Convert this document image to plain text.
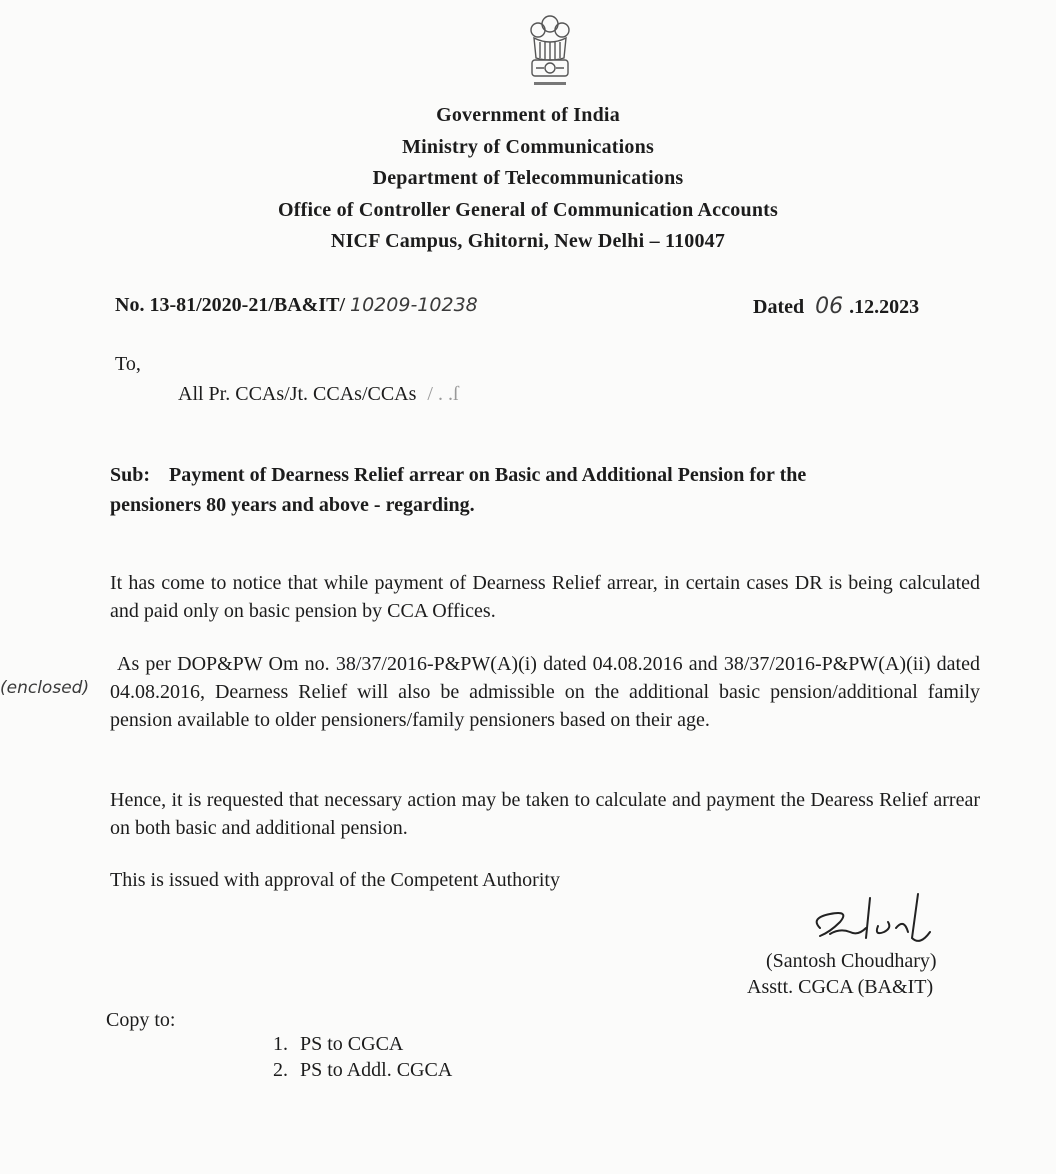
Government of India
Ministry of Communications
Department of Telecommunications
Office of Controller General of Communication Accounts
NICF Campus, Ghitorni, New Delhi – 110047
No. 13-81/2020-21/BA&IT/ 10209-10238	Dated 06 .12.2023
To,
All Pr. CCAs/Jt. CCAs/CCAs / . .ſ
Sub: Payment of Dearness Relief arrear on Basic and Additional Pension for the
pensioners 80 years and above - regarding.
It has come to notice that while payment of Dearness Relief arrear, in certain cases DR is being calculated and paid only on basic pension by CCA Offices.
(enclosed)
As per DOP&PW Om no. 38/37/2016-P&PW(A)(i) dated 04.08.2016 and 38/37/2016-P&PW(A)(ii) dated 04.08.2016, Dearness Relief will also be admissible on the additional basic pension/additional family pension available to older pensioners/family pensioners based on their age.
Hence, it is requested that necessary action may be taken to calculate and payment the Dearess Relief arrear on both basic and additional pension.
This is issued with approval of the Competent Authority
(Santosh Choudhary)
Asstt. CGCA (BA&IT)
Copy to:
1. PS to CGCA
2. PS to Addl. CGCA
